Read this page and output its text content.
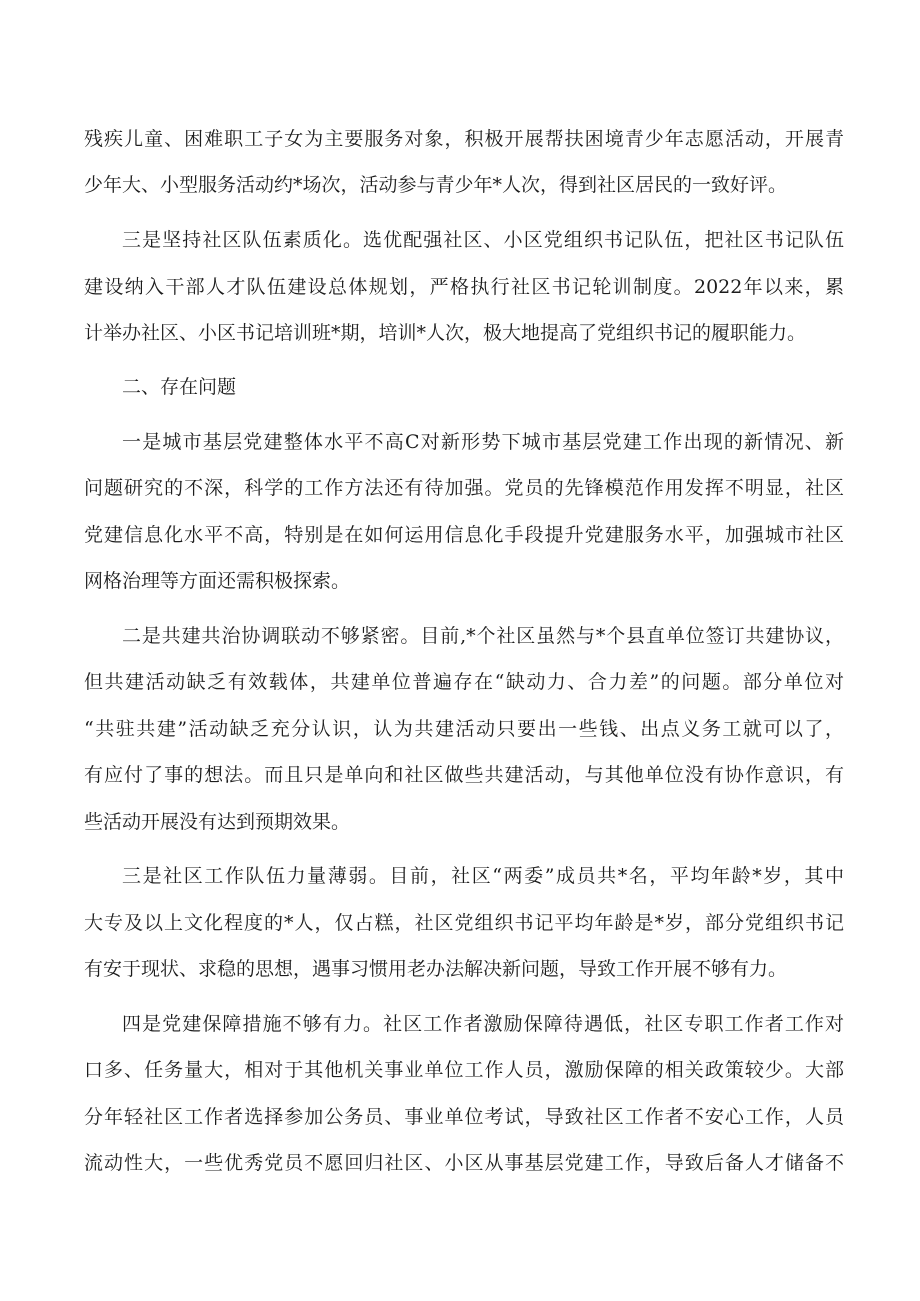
残疾儿童、困难职工子女为主要服务对象，积极开展帮扶困境青少年志愿活动，开展青
少年大、小型服务活动约*场次，活动参与青少年*人次，得到社区居民的一致好评。
三是坚持社区队伍素质化。选优配强社区、小区党组织书记队伍，把社区书记队伍
建设纳入干部人才队伍建设总体规划，严格执行社区书记轮训制度。2022年以来，累
计举办社区、小区书记培训班*期，培训*人次，极大地提高了党组织书记的履职能力。
二、存在问题
一是城市基层党建整体水平不高C对新形势下城市基层党建工作出现的新情况、新
问题研究的不深，科学的工作方法还有待加强。党员的先锋模范作用发挥不明显，社区
党建信息化水平不高，特别是在如何运用信息化手段提升党建服务水平，加强城市社区
网格治理等方面还需积极探索。
二是共建共治协调联动不够紧密。目前,*个社区虽然与*个县直单位签订共建协议，
但共建活动缺乏有效载体，共建单位普遍存在“缺动力、合力差”的问题。部分单位对
“共驻共建”活动缺乏充分认识，认为共建活动只要出一些钱、出点义务工就可以了，
有应付了事的想法。而且只是单向和社区做些共建活动，与其他单位没有协作意识，有
些活动开展没有达到预期效果。
三是社区工作队伍力量薄弱。目前，社区“两委”成员共*名，平均年龄*岁，其中
大专及以上文化程度的*人，仅占糕，社区党组织书记平均年龄是*岁，部分党组织书记
有安于现状、求稳的思想，遇事习惯用老办法解决新问题，导致工作开展不够有力。
四是党建保障措施不够有力。社区工作者激励保障待遇低，社区专职工作者工作对
口多、任务量大，相对于其他机关事业单位工作人员，激励保障的相关政策较少。大部
分年轻社区工作者选择参加公务员、事业单位考试，导致社区工作者不安心工作，人员
流动性大，一些优秀党员不愿回归社区、小区从事基层党建工作，导致后备人才储备不
